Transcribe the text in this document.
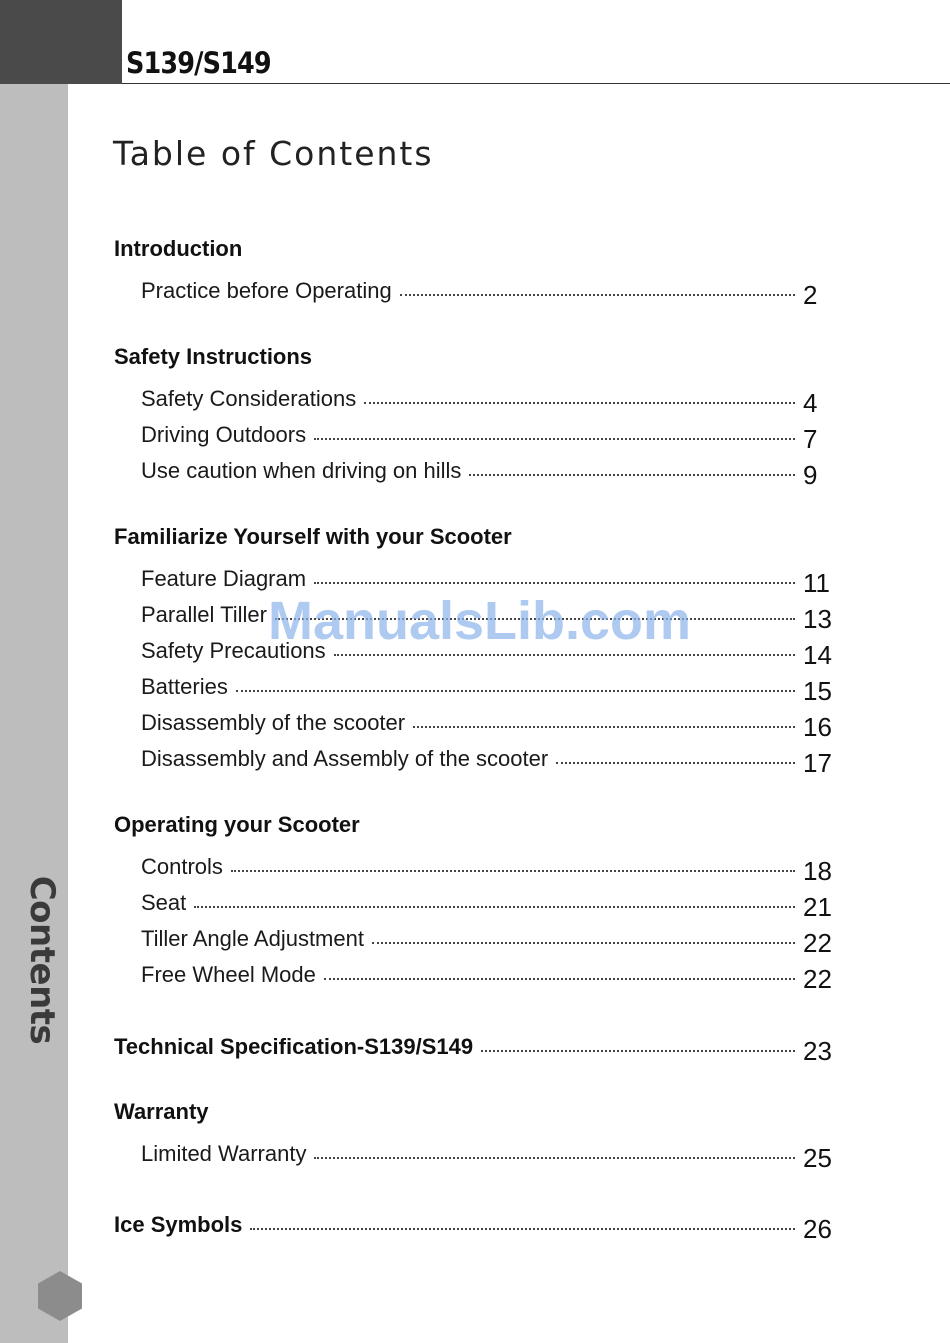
S139/S149
Contents
Table of Contents
Introduction
Practice before Operating	2
Safety Instructions
Safety Considerations	4
Driving Outdoors	7
Use caution when driving on hills	9
Familiarize Yourself with your Scooter
Feature Diagram	11
Parallel Tiller	13
Safety Precautions	14
Batteries	15
Disassembly of the scooter	16
Disassembly and Assembly of the scooter	17
Operating your Scooter
Controls	18
Seat	21
Tiller Angle Adjustment	22
Free Wheel Mode	22
Technical Specification-S139/S149	23
Warranty
Limited Warranty	25
Ice Symbols	26
ManualsLib.com
